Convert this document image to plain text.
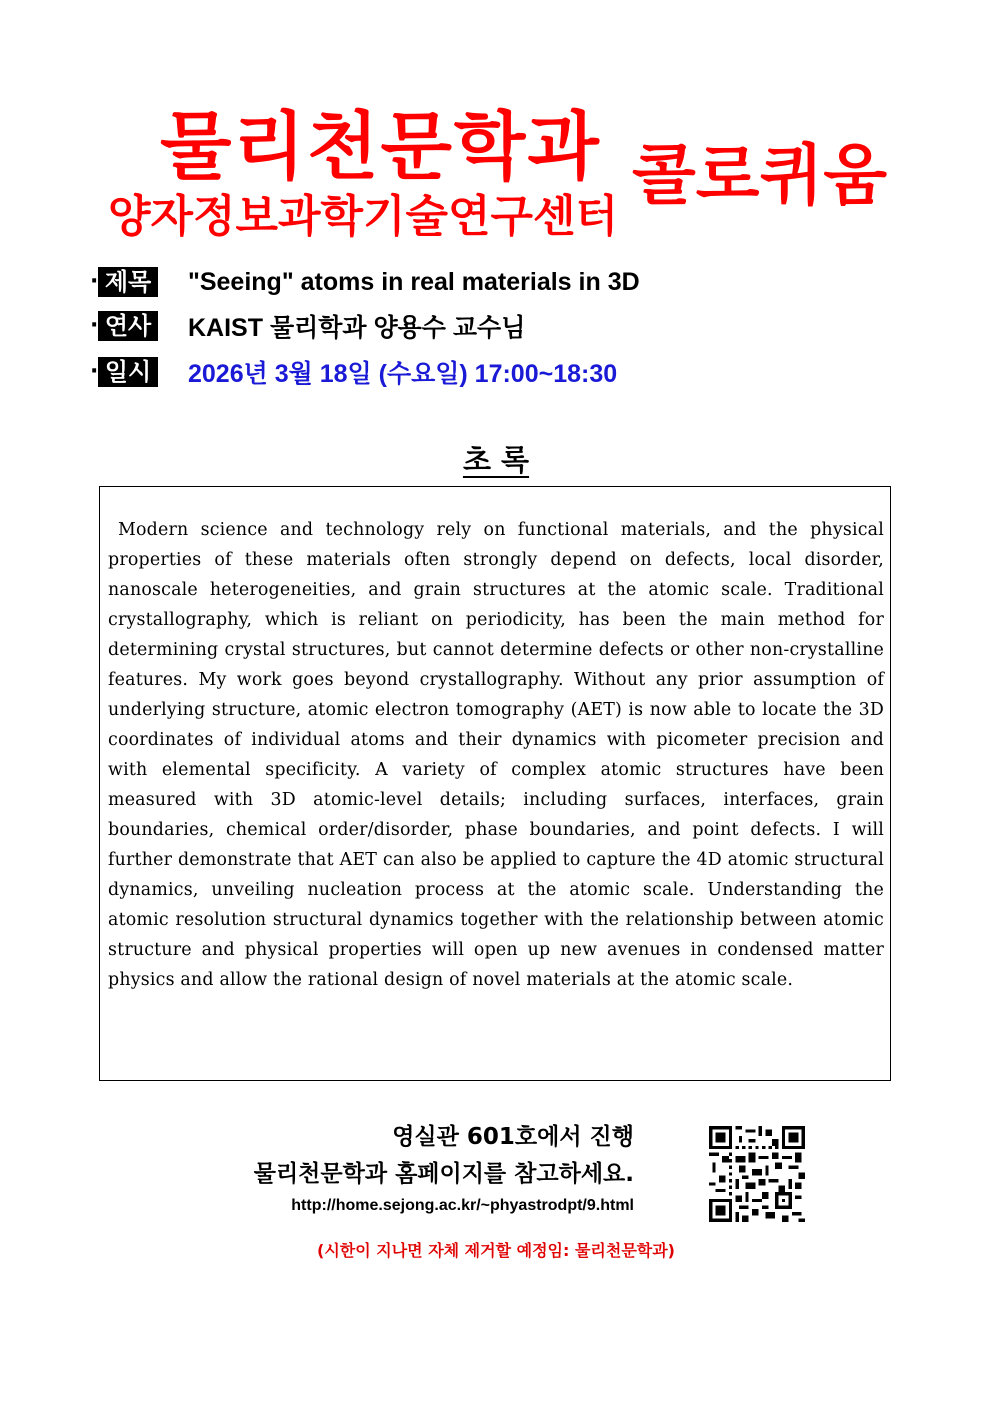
물리천문학과
양자정보과학기술연구센터
콜로퀴움
· 제목 "Seeing" atoms in real materials in 3D
· 연사 KAIST 물리학과 양용수 교수님
· 일시 2026년 3월 18일 (수요일) 17:00~18:30
초 록

Modern science and technology rely on functional materials, and the physical properties of these materials often strongly depend on defects, local disorder, nanoscale heterogeneities, and grain structures at the atomic scale. Traditional crystallography, which is reliant on periodicity, has been the main method for determining crystal structures, but cannot determine defects or other non-crystalline features. My work goes beyond crystallography. Without any prior assumption of underlying structure, atomic electron tomography (AET) is now able to locate the 3D coordinates of individual atoms and their dynamics with picometer precision and with elemental specificity. A variety of complex atomic structures have been measured with 3D atomic-level details; including surfaces, interfaces, grain boundaries, chemical order/disorder, phase boundaries, and point defects. I will further demonstrate that AET can also be applied to capture the 4D atomic structural dynamics, unveiling nucleation process at the atomic scale. Understanding the atomic resolution structural dynamics together with the relationship between atomic structure and physical properties will open up new avenues in condensed matter physics and allow the rational design of novel materials at the atomic scale.

영실관 601호에서 진행
물리천문학과 홈페이지를 참고하세요.
http://home.sejong.ac.kr/~phyastrodpt/9.html
(시한이 지나면 자체 제거할 예정임: 물리천문학과)
